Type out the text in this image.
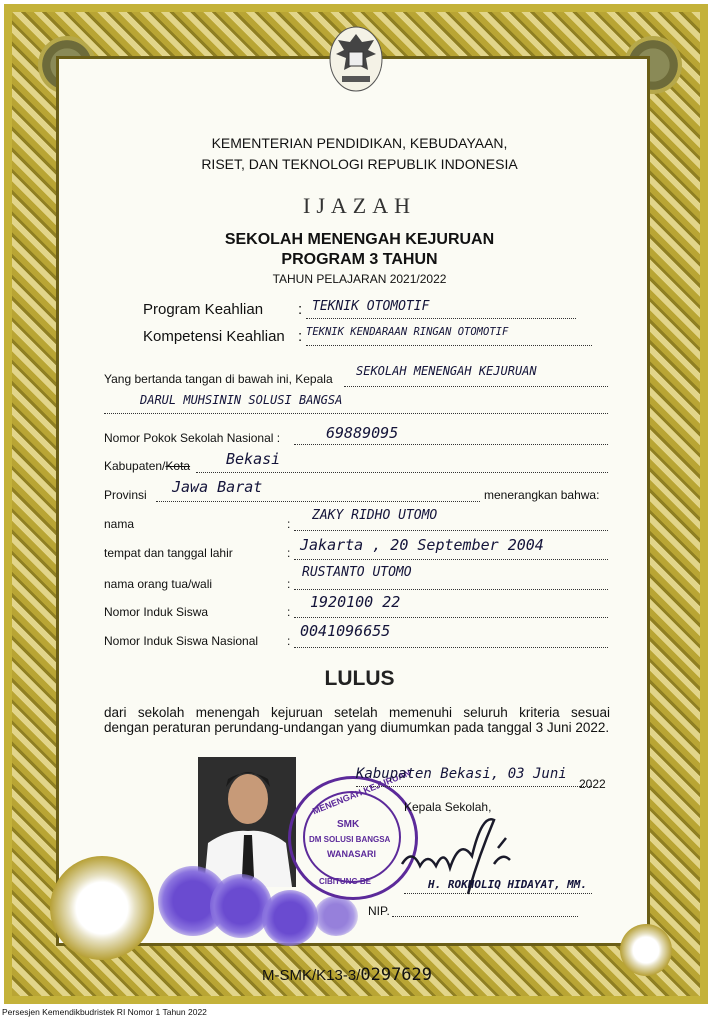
KEMENTERIAN PENDIDIKAN, KEBUDAYAAN,
RISET, DAN TEKNOLOGI REPUBLIK INDONESIA
IJAZAH
SEKOLAH MENENGAH KEJURUAN
PROGRAM 3 TAHUN
TAHUN PELAJARAN 2021/2022
Program Keahlian : TEKNIK OTOMOTIF
Kompetensi Keahlian : TEKNIK KENDARAAN RINGAN OTOMOTIF
Yang bertanda tangan di bawah ini, Kepala
SEKOLAH MENENGAH KEJURUAN
DARUL MUHSININ SOLUSI BANGSA
Nomor Pokok Sekolah Nasional :	69889095
Kabupaten/Kota Bekasi
Provinsi Jawa Barat	menerangkan bahwa:
nama	:
ZAKY RIDHO UTOMO
tempat dan tanggal lahir	: Jakarta , 20 September 2004
nama orang tua/wali	:
RUSTANTO UTOMO
Nomor Induk Siswa	:
1920100 22
Nomor Induk Siswa Nasional :
0041096655
LULUS
dari sekolah menengah kejuruan setelah memenuhi seluruh kriteria sesuai
dengan peraturan perundang-undangan yang diumumkan pada tanggal 3 Juni 2022.
MENENGAH KEJURUAN
SMK
DM SOLUSI BANGSA
WANASARI
CIBITUNG BE
Kabupaten Bekasi, 03 Juni
2022
Kepala Sekolah,
H. ROKHOLIQ HIDAYAT, MM.
NIP.
M-SMK/K13-3/0297629
Persesjen Kemendikbudristek RI Nomor 1 Tahun 2022
